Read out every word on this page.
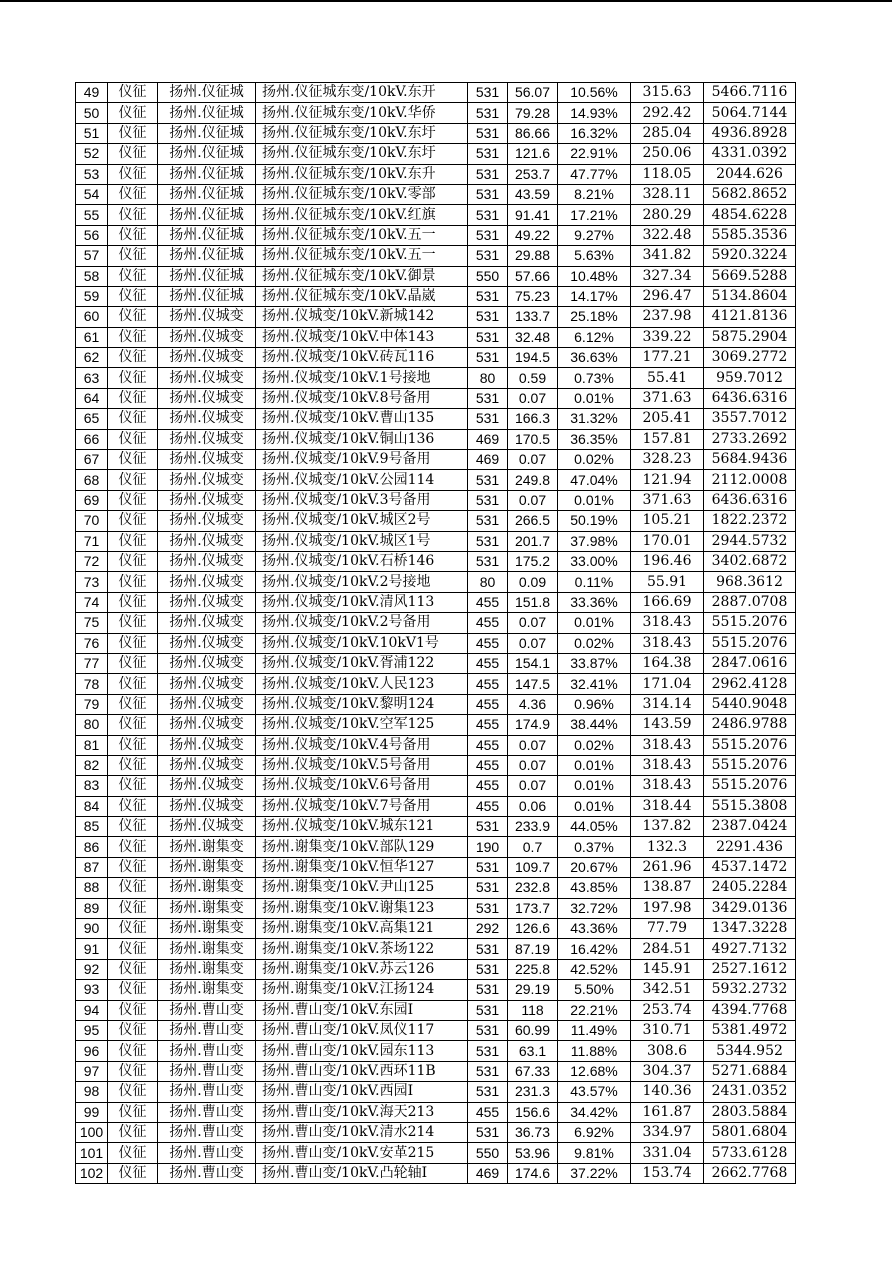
49	仪征	扬州.仪征城	扬州.仪征城东变/10kV.东开	531	56.07	10.56%	315.63	5466.7116
50	仪征	扬州.仪征城	扬州.仪征城东变/10kV.华侨	531	79.28	14.93%	292.42	5064.7144
51	仪征	扬州.仪征城	扬州.仪征城东变/10kV.东圩	531	86.66	16.32%	285.04	4936.8928
52	仪征	扬州.仪征城	扬州.仪征城东变/10kV.东圩	531	121.6	22.91%	250.06	4331.0392
53	仪征	扬州.仪征城	扬州.仪征城东变/10kV.东升	531	253.7	47.77%	118.05	2044.626
54	仪征	扬州.仪征城	扬州.仪征城东变/10kV.零部	531	43.59	8.21%	328.11	5682.8652
55	仪征	扬州.仪征城	扬州.仪征城东变/10kV.红旗	531	91.41	17.21%	280.29	4854.6228
56	仪征	扬州.仪征城	扬州.仪征城东变/10kV.五一	531	49.22	9.27%	322.48	5585.3536
57	仪征	扬州.仪征城	扬州.仪征城东变/10kV.五一	531	29.88	5.63%	341.82	5920.3224
58	仪征	扬州.仪征城	扬州.仪征城东变/10kV.御景	550	57.66	10.48%	327.34	5669.5288
59	仪征	扬州.仪征城	扬州.仪征城东变/10kV.晶崴	531	75.23	14.17%	296.47	5134.8604
60	仪征	扬州.仪城变	扬州.仪城变/10kV.新城142	531	133.7	25.18%	237.98	4121.8136
61	仪征	扬州.仪城变	扬州.仪城变/10kV.中体143	531	32.48	6.12%	339.22	5875.2904
62	仪征	扬州.仪城变	扬州.仪城变/10kV.砖瓦116	531	194.5	36.63%	177.21	3069.2772
63	仪征	扬州.仪城变	扬州.仪城变/10kV.1号接地	80	0.59	0.73%	55.41	959.7012
64	仪征	扬州.仪城变	扬州.仪城变/10kV.8号备用	531	0.07	0.01%	371.63	6436.6316
65	仪征	扬州.仪城变	扬州.仪城变/10kV.曹山135	531	166.3	31.32%	205.41	3557.7012
66	仪征	扬州.仪城变	扬州.仪城变/10kV.铜山136	469	170.5	36.35%	157.81	2733.2692
67	仪征	扬州.仪城变	扬州.仪城变/10kV.9号备用	469	0.07	0.02%	328.23	5684.9436
68	仪征	扬州.仪城变	扬州.仪城变/10kV.公园114	531	249.8	47.04%	121.94	2112.0008
69	仪征	扬州.仪城变	扬州.仪城变/10kV.3号备用	531	0.07	0.01%	371.63	6436.6316
70	仪征	扬州.仪城变	扬州.仪城变/10kV.城区2号	531	266.5	50.19%	105.21	1822.2372
71	仪征	扬州.仪城变	扬州.仪城变/10kV.城区1号	531	201.7	37.98%	170.01	2944.5732
72	仪征	扬州.仪城变	扬州.仪城变/10kV.石桥146	531	175.2	33.00%	196.46	3402.6872
73	仪征	扬州.仪城变	扬州.仪城变/10kV.2号接地	80	0.09	0.11%	55.91	968.3612
74	仪征	扬州.仪城变	扬州.仪城变/10kV.清风113	455	151.8	33.36%	166.69	2887.0708
75	仪征	扬州.仪城变	扬州.仪城变/10kV.2号备用	455	0.07	0.01%	318.43	5515.2076
76	仪征	扬州.仪城变	扬州.仪城变/10kV.10kV1号	455	0.07	0.02%	318.43	5515.2076
77	仪征	扬州.仪城变	扬州.仪城变/10kV.胥浦122	455	154.1	33.87%	164.38	2847.0616
78	仪征	扬州.仪城变	扬州.仪城变/10kV.人民123	455	147.5	32.41%	171.04	2962.4128
79	仪征	扬州.仪城变	扬州.仪城变/10kV.黎明124	455	4.36	0.96%	314.14	5440.9048
80	仪征	扬州.仪城变	扬州.仪城变/10kV.空军125	455	174.9	38.44%	143.59	2486.9788
81	仪征	扬州.仪城变	扬州.仪城变/10kV.4号备用	455	0.07	0.02%	318.43	5515.2076
82	仪征	扬州.仪城变	扬州.仪城变/10kV.5号备用	455	0.07	0.01%	318.43	5515.2076
83	仪征	扬州.仪城变	扬州.仪城变/10kV.6号备用	455	0.07	0.01%	318.43	5515.2076
84	仪征	扬州.仪城变	扬州.仪城变/10kV.7号备用	455	0.06	0.01%	318.44	5515.3808
85	仪征	扬州.仪城变	扬州.仪城变/10kV.城东121	531	233.9	44.05%	137.82	2387.0424
86	仪征	扬州.谢集变	扬州.谢集变/10kV.部队129	190	0.7	0.37%	132.3	2291.436
87	仪征	扬州.谢集变	扬州.谢集变/10kV.恒华127	531	109.7	20.67%	261.96	4537.1472
88	仪征	扬州.谢集变	扬州.谢集变/10kV.尹山125	531	232.8	43.85%	138.87	2405.2284
89	仪征	扬州.谢集变	扬州.谢集变/10kV.谢集123	531	173.7	32.72%	197.98	3429.0136
90	仪征	扬州.谢集变	扬州.谢集变/10kV.高集121	292	126.6	43.36%	77.79	1347.3228
91	仪征	扬州.谢集变	扬州.谢集变/10kV.茶场122	531	87.19	16.42%	284.51	4927.7132
92	仪征	扬州.谢集变	扬州.谢集变/10kV.苏云126	531	225.8	42.52%	145.91	2527.1612
93	仪征	扬州.谢集变	扬州.谢集变/10kV.江扬124	531	29.19	5.50%	342.51	5932.2732
94	仪征	扬州.曹山变	扬州.曹山变/10kV.东园Ⅰ	531	118	22.21%	253.74	4394.7768
95	仪征	扬州.曹山变	扬州.曹山变/10kV.凤仪117	531	60.99	11.49%	310.71	5381.4972
96	仪征	扬州.曹山变	扬州.曹山变/10kV.园东113	531	63.1	11.88%	308.6	5344.952
97	仪征	扬州.曹山变	扬州.曹山变/10kV.西环11B	531	67.33	12.68%	304.37	5271.6884
98	仪征	扬州.曹山变	扬州.曹山变/10kV.西园Ⅰ	531	231.3	43.57%	140.36	2431.0352
99	仪征	扬州.曹山变	扬州.曹山变/10kV.海天213	455	156.6	34.42%	161.87	2803.5884
100	仪征	扬州.曹山变	扬州.曹山变/10kV.清水214	531	36.73	6.92%	334.97	5801.6804
101	仪征	扬州.曹山变	扬州.曹山变/10kV.安革215	550	53.96	9.81%	331.04	5733.6128
102	仪征	扬州.曹山变	扬州.曹山变/10kV.凸轮轴Ⅰ	469	174.6	37.22%	153.74	2662.7768
